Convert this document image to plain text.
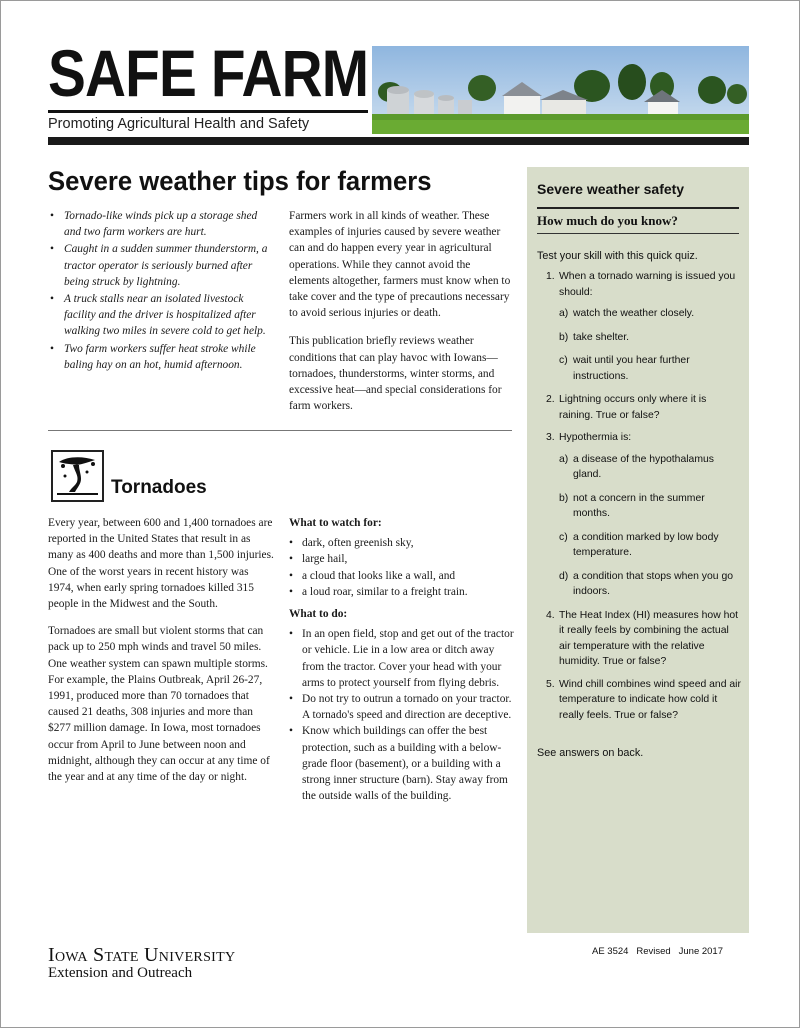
SAFE FARM
Promoting Agricultural Health and Safety
Severe weather tips for farmers
• Tornado-like winds pick up a storage shed and two farm workers are hurt.
• Caught in a sudden summer thunderstorm, a tractor operator is seriously burned after being struck by lightning.
• A truck stalls near an isolated livestock facility and the driver is hospitalized after walking two miles in severe cold to get help.
• Two farm workers suffer heat stroke while baling hay on an hot, humid afternoon.

Farmers work in all kinds of weather. These examples of injuries caused by severe weather can and do happen every year in agricultural operations. While they cannot avoid the elements altogether, farmers must know when to take cover and the type of precautions necessary to avoid serious injuries or death.

This publication briefly reviews weather conditions that can play havoc with Iowans— tornadoes, thunderstorms, winter storms, and excessive heat—and special considerations for farm workers.

Tornadoes

Every year, between 600 and 1,400 tornadoes are reported in the United States that result in as many as 400 deaths and more than 1,500 injuries. One of the worst years in recent history was 1974, when early spring tornadoes killed 315 people in the Midwest and the South.

Tornadoes are small but violent storms that can pack up to 250 mph winds and travel 50 miles. One weather system can spawn multiple storms. For example, the Plains Outbreak, April 26-27, 1991, produced more than 70 tornadoes that caused 21 deaths, 308 injuries and more than $277 million damage. In Iowa, most tornadoes occur from April to June between noon and midnight, although they can occur at any time of the year and at any time of the day or night.

What to watch for:
• dark, often greenish sky,
• large hail,
• a cloud that looks like a wall, and
• a loud roar, similar to a freight train.
What to do:
• In an open field, stop and get out of the tractor or vehicle. Lie in a low area or ditch away from the tractor. Cover your head with your arms to protect yourself from flying debris.
• Do not try to outrun a tornado on your tractor. A tornado's speed and direction are deceptive.
• Know which buildings can offer the best protection, such as a building with a below-grade floor (basement), or a building with a strong inner structure (barn). Stay away from the outside walls of the building.
Severe weather safety
How much do you know?
Test your skill with this quick quiz.
1. When a tornado warning is issued you should:
a) watch the weather closely.
b) take shelter.
c) wait until you hear further instructions.
2. Lightning occurs only where it is raining. True or false?
3. Hypothermia is:
a) a disease of the hypothalamus gland.
b) not a concern in the summer months.
c) a condition marked by low body temperature.
d) a condition that stops when you go indoors.
4. The Heat Index (HI) measures how hot it really feels by combining the actual air temperature with the relative humidity. True or false?
5. Wind chill combines wind speed and air temperature to indicate how cold it really feels. True or false?
See answers on back.
Iowa State University
Extension and Outreach
AE 3524 Revised June 2017
